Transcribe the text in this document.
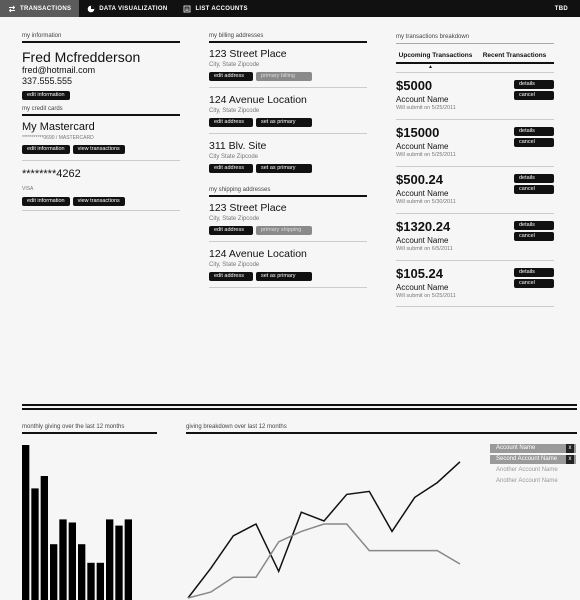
TRANSACTIONS	DATA VISUALIZATION	LIST ACCOUNTS	TBD
my information
Fred Mcfredderson
fred@hotmail.com
337.555.555
edit information
my credit cards
My Mastercard
***********0690 / MASTERCARD
edit information	view transactions
********4262
VISA
edit information	view transactions
my billing addresses
123 Street Place
City, State Zipcode
edit address	primary billing
124 Avenue Location
City, State Zipcode
edit address	set as primary
311 Blv. Site
City State Zipcode
edit address	set as primary
my shipping addresses
123 Street Place
City, State Zipcode
edit address	primary shipping
124 Avenue Location
City, State Zipcode
edit address	set as primary
my transactions breakdown
Upcoming Transactions	Recent Transactions
▲
$5000
Account Name
Will submit on 5/25/2011
details
cancel
$15000
Account Name
Will submit on 5/25/2011
details
cancel
$500.24
Account Name
Will submit on 5/30/2011
details
cancel
$1320.24
Account Name
Will submit on 6/5/2011
details
cancel
$105.24
Account Name
Will submit on 5/25/2011
details
cancel
monthly giving over the last 12 months	giving breakdown over last 12 months
Account Name	x
Second Account Name	x
Another Account Name
Another Account Name
